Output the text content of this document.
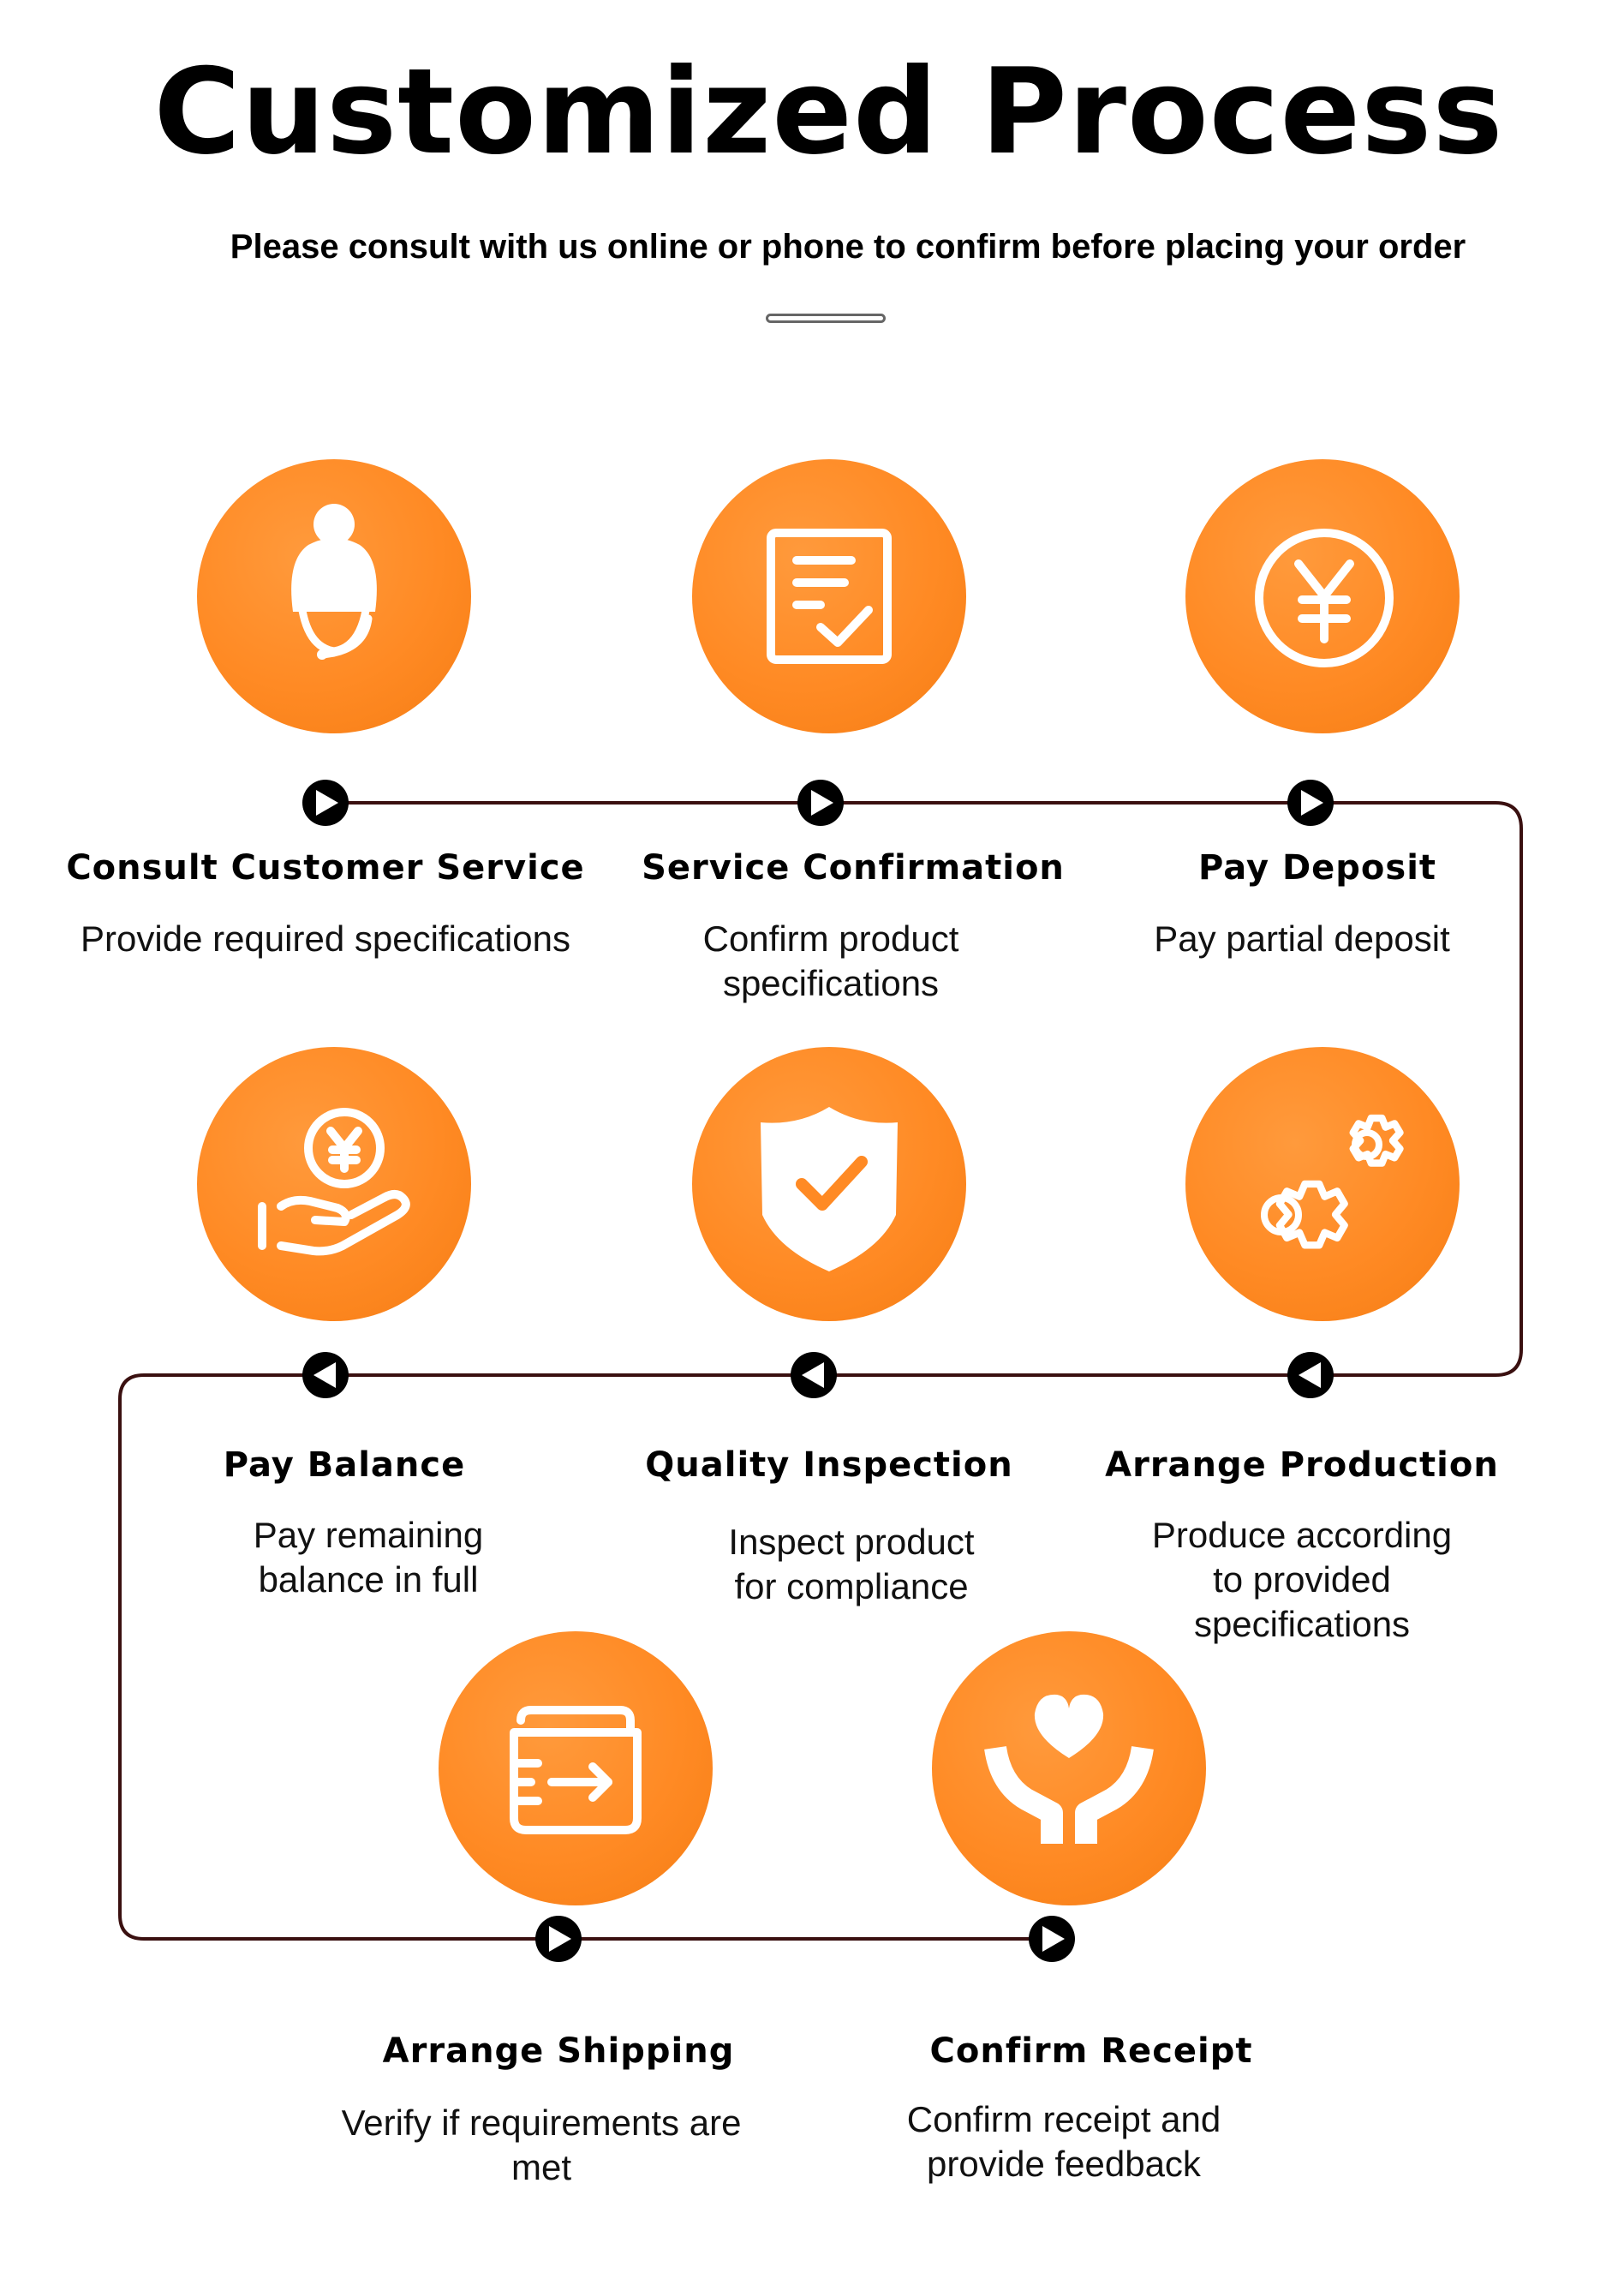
Customized Process

Please consult with us online or phone to confirm before placing your order

Consult Customer Service

Provide required specifications

Service Confirmation

Confirm product
specifications

Pay Deposit

Pay partial deposit

Pay Balance

Pay remaining
balance in full

Quality Inspection

Inspect product
for compliance

Arrange Production

Produce according
to provided
specifications

Arrange Shipping

Verify if requirements are
met

Confirm Receipt

Confirm receipt and
provide feedback
